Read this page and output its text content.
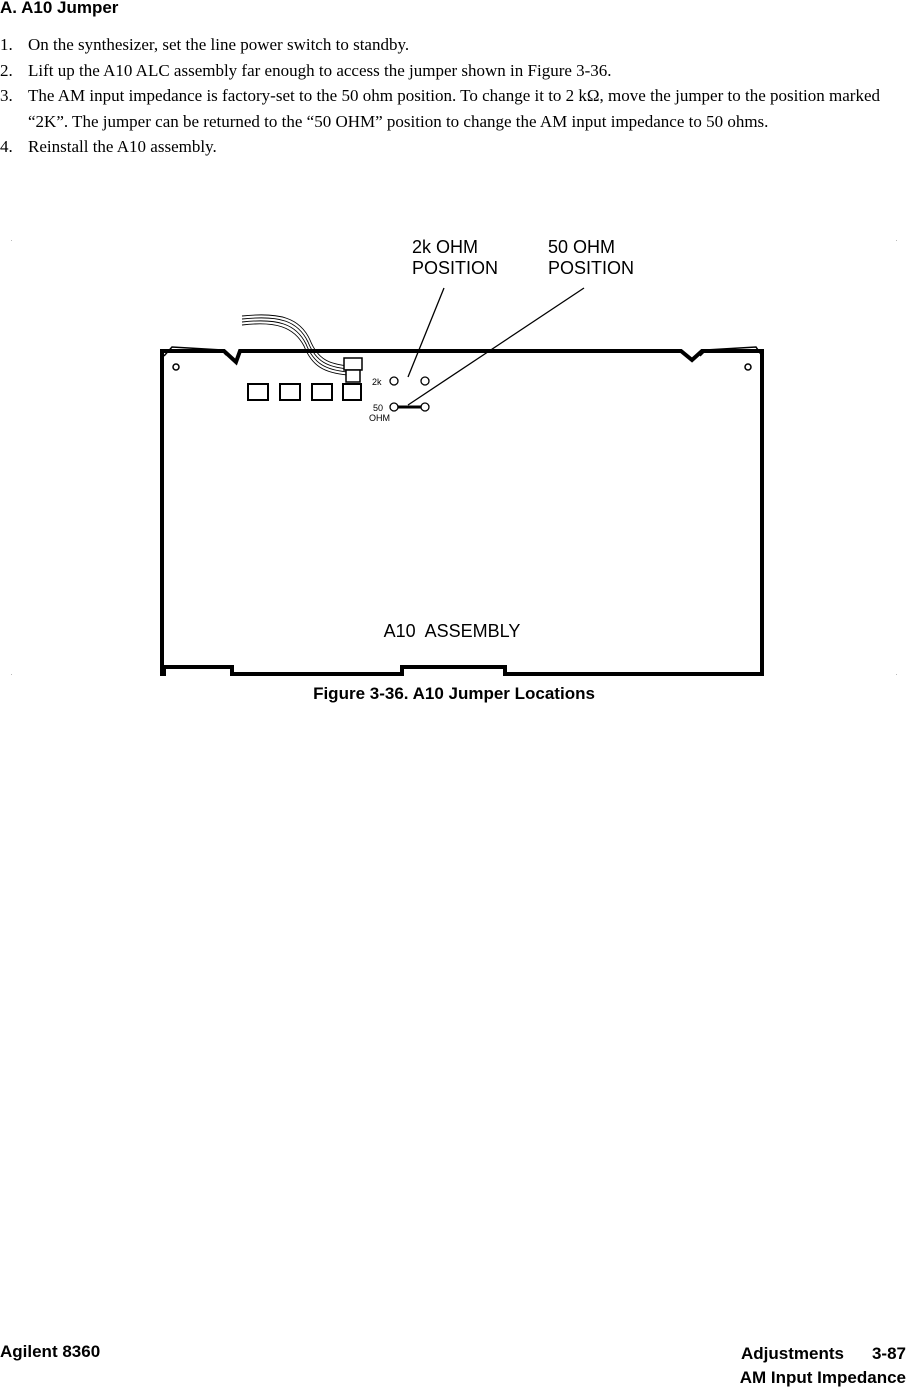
A. A10 Jumper
1. On the synthesizer, set the line power switch to standby.
2. Lift up the A10 ALC assembly far enough to access the jumper shown in Figure 3-36.
3. The AM input impedance is factory-set to the 50 ohm position. To change it to 2 kΩ, move the jumper to the position marked “2K”. The jumper can be returned to the “50 OHM” position to change the AM input impedance to 50 ohms.
4. Reinstall the A10 assembly.
2k OHM
POSITION
50 OHM
POSITION
2k
50
OHM
A10  ASSEMBLY

Figure 3-36. A10 Jumper Locations

Agilent 8360	Adjustments 3-87
AM Input Impedance
